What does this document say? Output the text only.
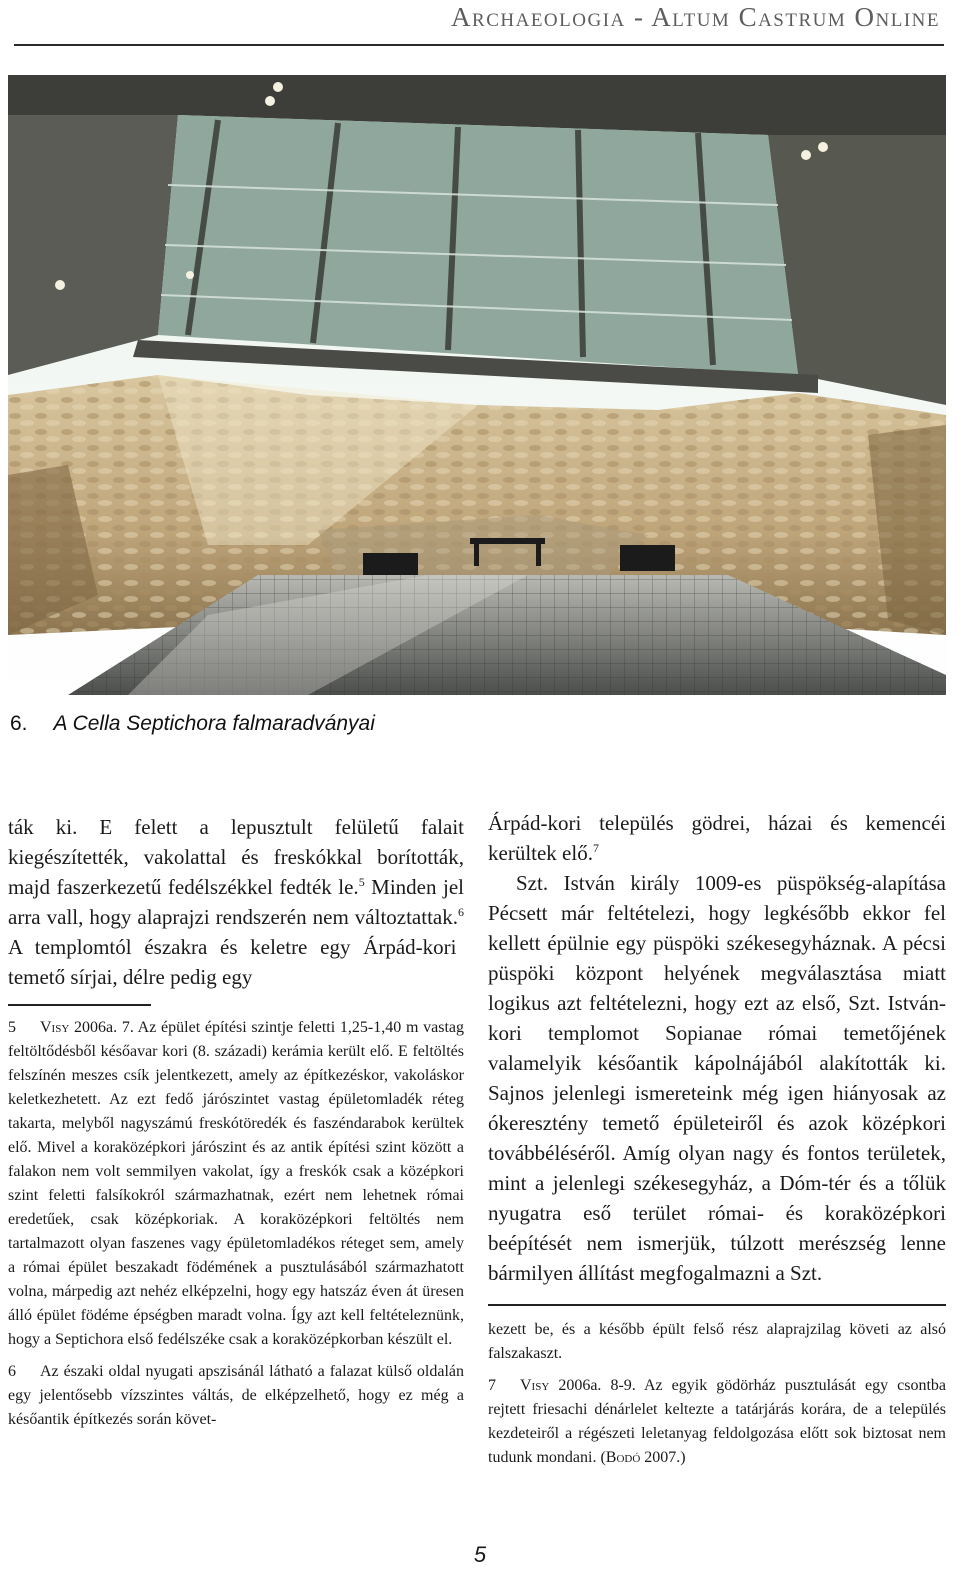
Archaeologia - Altum Castrum Online
6. A Cella Septichora falmaradványai

ták ki. E felett a lepusztult felületű falait kiegészítették, vakolattal és freskókkal borították, majd faszerkezetű fedélszékkel fedték le.$^5$ Minden jel arra vall, hogy alaprajzi rendszerén nem változtattak.$^6$ A templomtól északra és keletre egy Árpád-kori temető sírjai, délre pedig egy

5 Visy 2006a. 7. Az épület építési szintje feletti 1,25-1,40 m vastag feltöltődésből későavar kori (8. századi) kerámia került elő. E feltöltés felszínén meszes csík jelentkezett, amely az építkezéskor, vakoláskor keletkezhetett. Az ezt fedő járószintet vastag épületomladék réteg takarta, melyből nagyszámú freskótöredék és faszéndarabok kerültek elő. Mivel a koraközépkori járószint és az antik építési szint között a falakon nem volt semmilyen vakolat, így a freskók csak a középkori szint feletti falsíkokról származhatnak, ezért nem lehetnek római eredetűek, csak középkoriak. A koraközépkori feltöltés nem tartalmazott olyan faszenes vagy épületomladékos réteget sem, amely a római épület beszakadt födémének a pusztulásából származhatott volna, márpedig azt nehéz elképzelni, hogy egy hatszáz éven át üresen álló épület födéme épségben maradt volna. Így azt kell feltételeznünk, hogy a Septichora első fedélszéke csak a koraközépkorban készült el.

6 Az északi oldal nyugati apszisánál látható a falazat külső oldalán egy jelentősebb vízszintes váltás, de elképzelhető, hogy ez még a későantik építkezés során követ-

Árpád-kori település gödrei, házai és kemencéi kerültek elő.$^7$

Szt. István király 1009-es püspökség-alapítása Pécsett már feltételezi, hogy legkésőbb ekkor fel kellett épülnie egy püspöki székesegyháznak. A pécsi püspöki központ helyének megválasztása miatt logikus azt feltételezni, hogy ezt az első, Szt. István-kori templomot Sopianae római temetőjének valamelyik későantik kápolnájából alakították ki. Sajnos jelenlegi ismereteink még igen hiányosak az ókeresztény temető épületeiről és azok középkori továbbéléséről. Amíg olyan nagy és fontos területek, mint a jelenlegi székesegyház, a Dóm-tér és a tőlük nyugatra eső terület római- és koraközépkori beépítését nem ismerjük, túlzott merészség lenne bármilyen állítást megfogalmazni a Szt.

kezett be, és a később épült felső rész alaprajzilag követi az alsó falszakaszt.

7 Visy 2006a. 8-9. Az egyik gödörház pusztulását egy csontba rejtett friesachi dénárlelet keltezte a tatárjárás korára, de a település kezdeteiről a régészeti leletanyag feldolgozása előtt sok biztosat nem tudunk mondani. (Bodó 2007.)

5
